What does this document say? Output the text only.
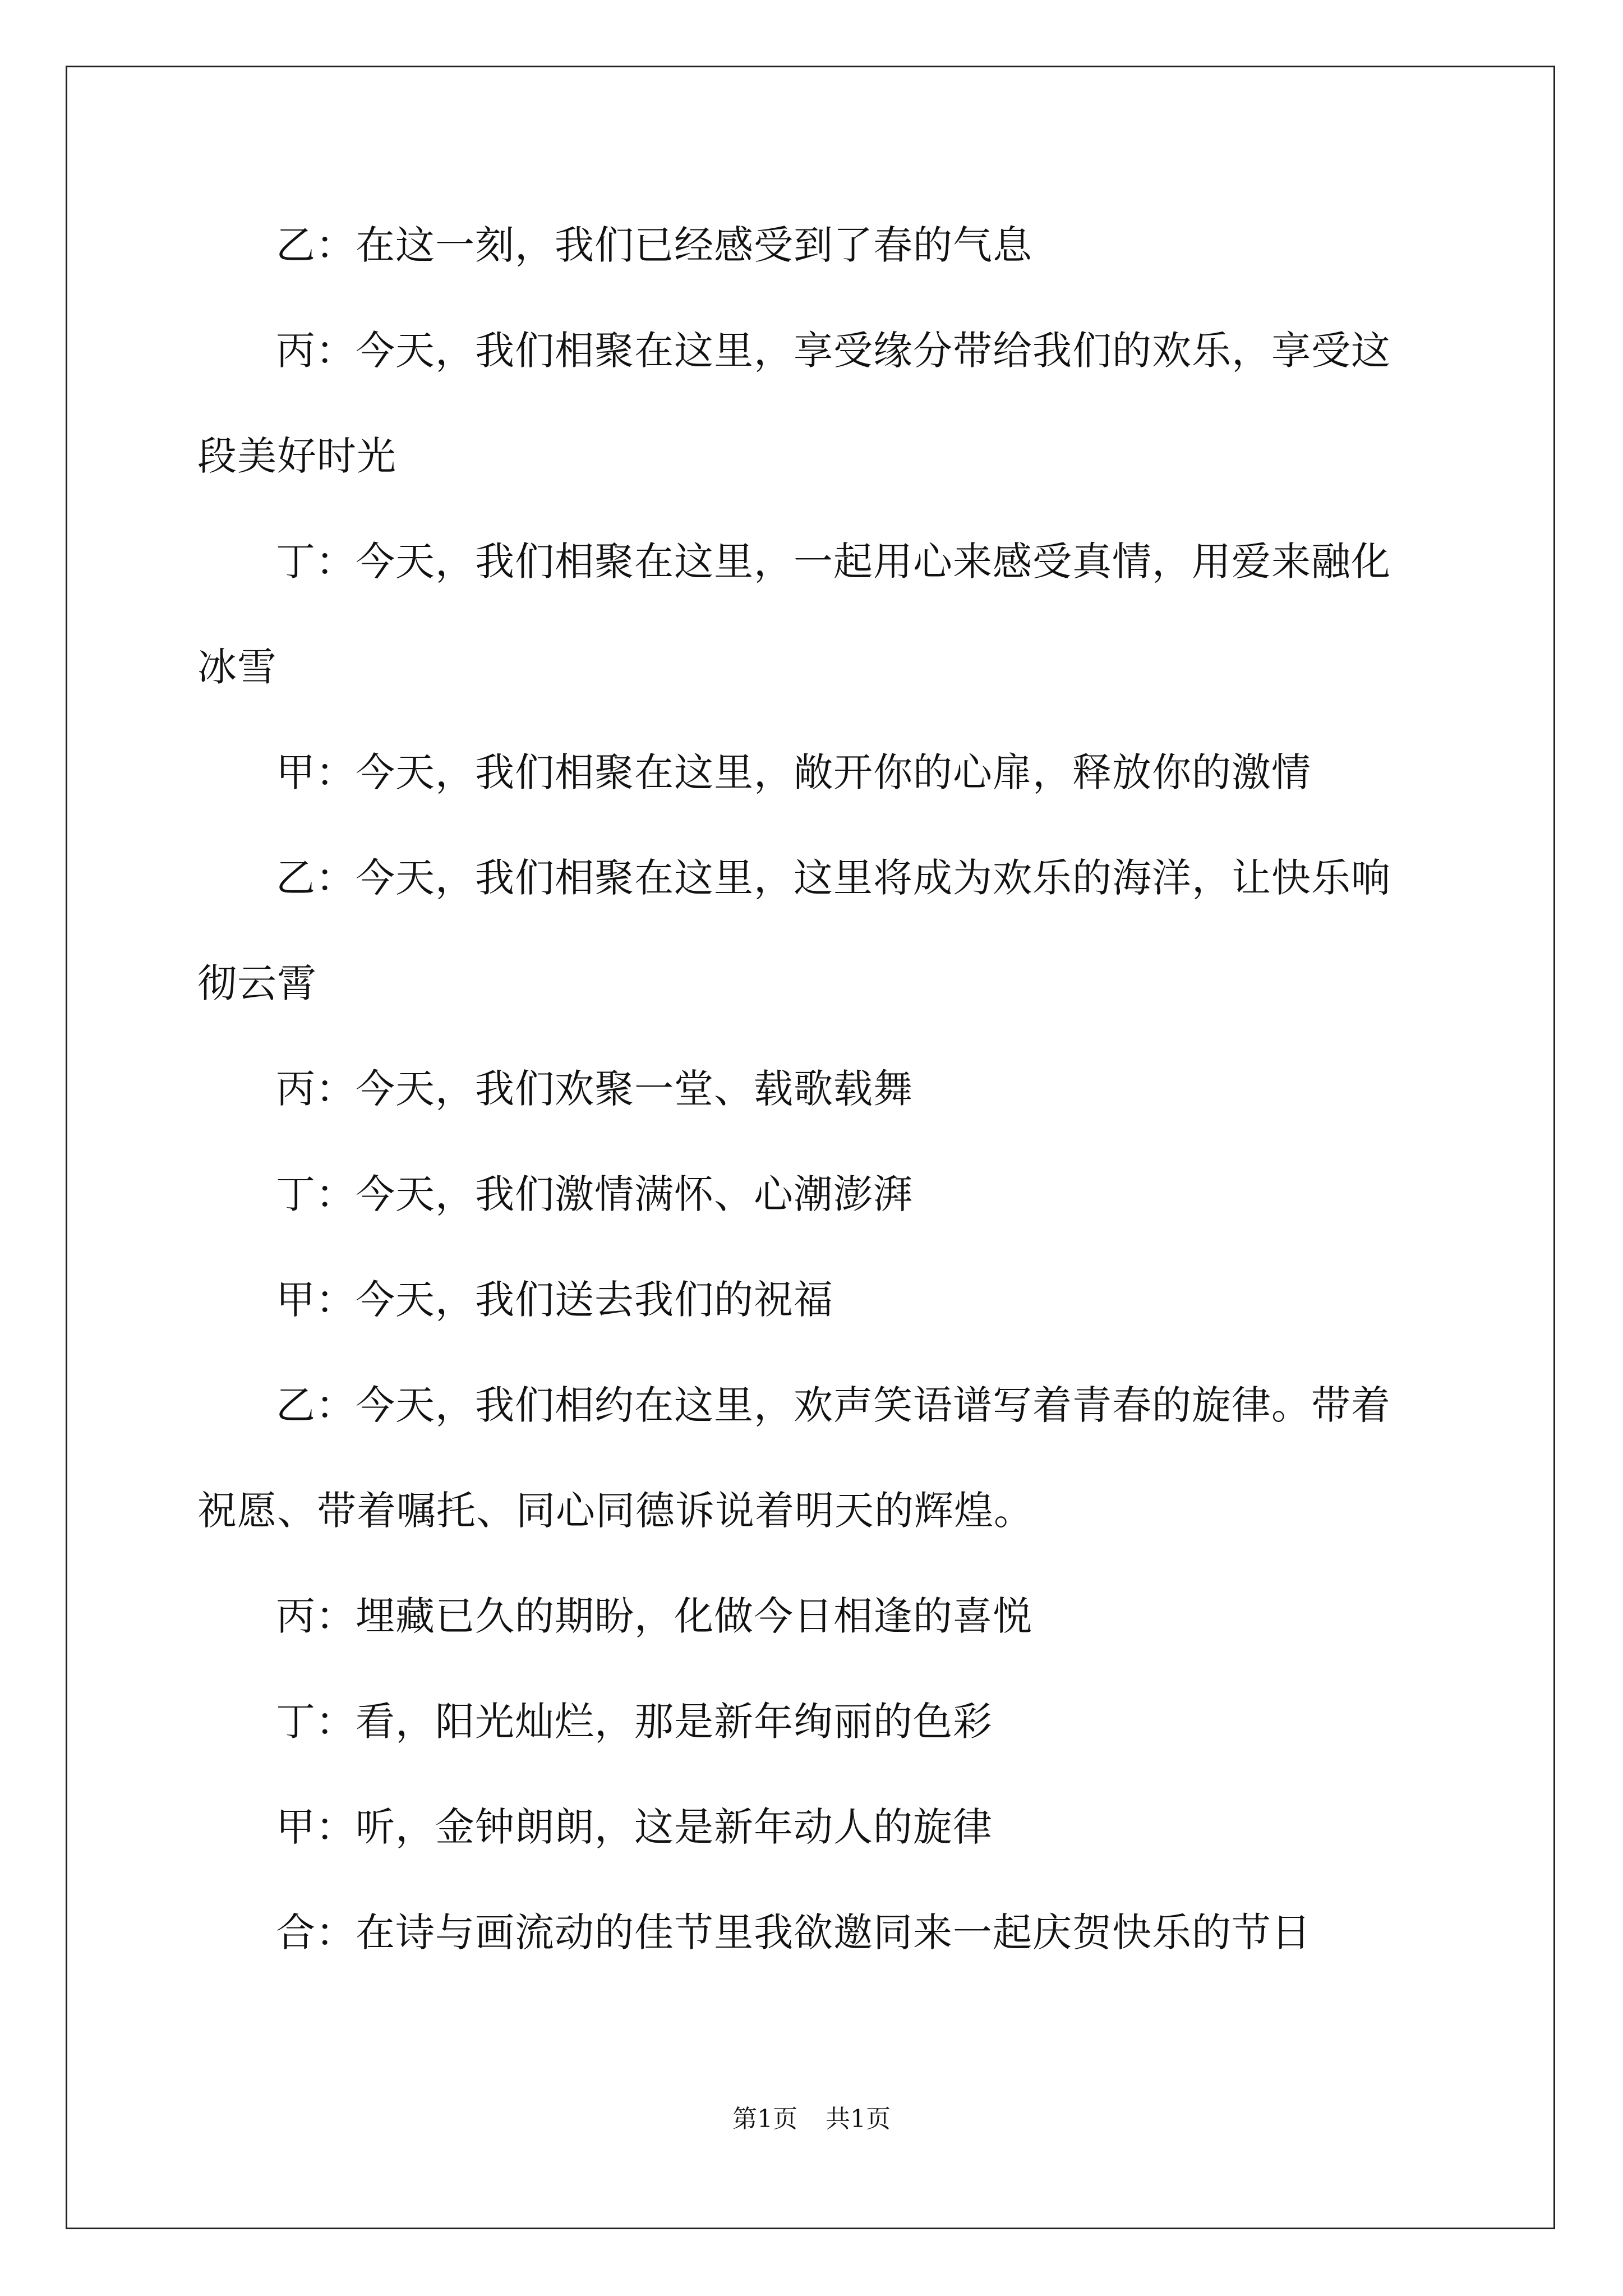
乙：在这一刻，我们已经感受到了春的气息
丙：今天，我们相聚在这里，享受缘分带给我们的欢乐，享受这
段美好时光
丁：今天，我们相聚在这里，一起用心来感受真情，用爱来融化
冰雪
甲：今天，我们相聚在这里，敞开你的心扉，释放你的激情
乙：今天，我们相聚在这里，这里将成为欢乐的海洋，让快乐响
彻云霄
丙：今天，我们欢聚一堂、载歌载舞
丁：今天，我们激情满怀、心潮澎湃
甲：今天，我们送去我们的祝福
乙：今天，我们相约在这里，欢声笑语谱写着青春的旋律。带着
祝愿、带着嘱托、同心同德诉说着明天的辉煌。
丙：埋藏已久的期盼，化做今日相逢的喜悦
丁：看，阳光灿烂，那是新年绚丽的色彩
甲：听，金钟朗朗，这是新年动人的旋律
合：在诗与画流动的佳节里我欲邀同来一起庆贺快乐的节日
第1页 共1页
